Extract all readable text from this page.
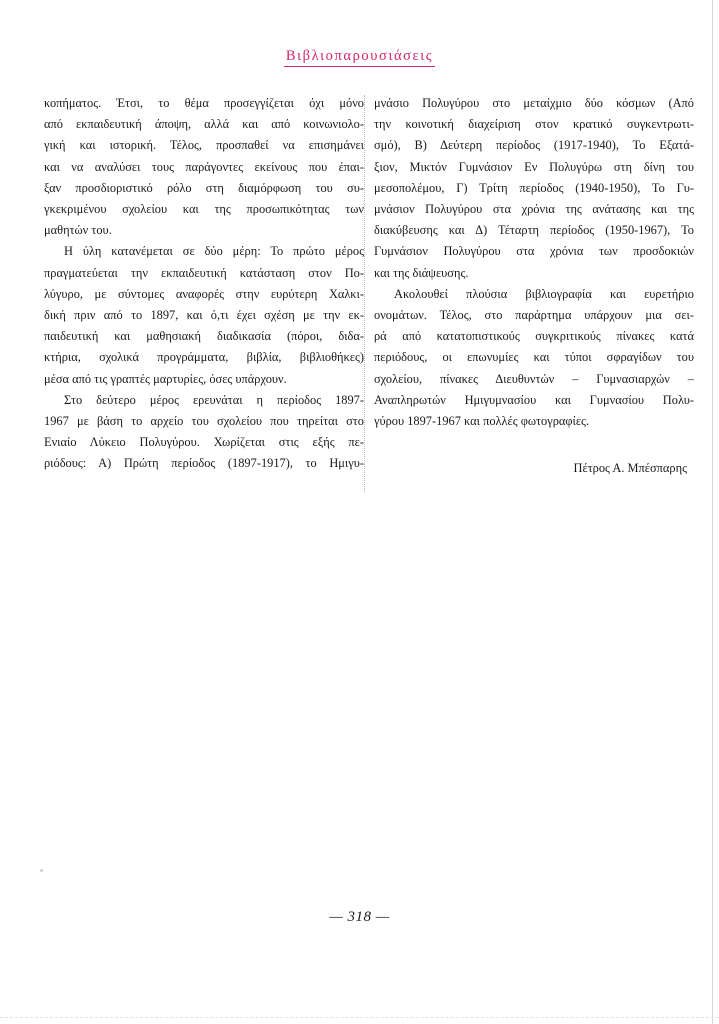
Βιβλιοπαρουσιάσεις
κοπήματος. Έτσι, το θέμα προσεγγίζεται όχι μόνο
από εκπαιδευτική άποψη, αλλά και από κοινωνιολο-
γική και ιστορική. Τέλος, προσπαθεί να επισημάνει
και να αναλύσει τους παράγοντες εκείνους που έπαι-
ξαν προσδιοριστικό ρόλο στη διαμόρφωση του συ-
γκεκριμένου σχολείου και της προσωπικότητας των
μαθητών του.
Η ύλη κατανέμεται σε δύο μέρη: Το πρώτο μέρος
πραγματεύεται την εκπαιδευτική κατάσταση στον Πο-
λύγυρο, με σύντομες αναφορές στην ευρύτερη Χαλκι-
δική πριν από το 1897, και ό,τι έχει σχέση με την εκ-
παιδευτική και μαθησιακή διαδικασία (πόροι, διδα-
κτήρια, σχολικά προγράμματα, βιβλία, βιβλιοθήκες)
μέσα από τις γραπτές μαρτυρίες, όσες υπάρχουν.
Στο δεύτερο μέρος ερευνάται η περίοδος 1897-
1967 με βάση το αρχείο του σχολείου που τηρείται στο
Ενιαίο Λύκειο Πολυγύρου. Χωρίζεται στις εξής πε-
ριόδους: Α) Πρώτη περίοδος (1897-1917), το Ημιγυ-
μνάσιο Πολυγύρου στο μεταίχμιο δύο κόσμων (Από
την κοινοτική διαχείριση στον κρατικό συγκεντρωτι-
σμό), Β) Δεύτερη περίοδος (1917-1940), Το Εξατά-
ξιον, Μικτόν Γυμνάσιον Εν Πολυγύρω στη δίνη του
μεσοπολέμου, Γ) Τρίτη περίοδος (1940-1950), Το Γυ-
μνάσιον Πολυγύρου στα χρόνια της ανάτασης και της
διακύβευσης και Δ) Τέταρτη περίοδος (1950-1967), Το
Γυμνάσιον Πολυγύρου στα χρόνια των προσδοκιών
και της διάψευσης.
Ακολουθεί πλούσια βιβλιογραφία και ευρετήριο
ονομάτων. Τέλος, στο παράρτημα υπάρχουν μια σει-
ρά από κατατοπιστικούς συγκριτικούς πίνακες κατά
περιόδους, οι επωνυμίες και τύποι σφραγίδων του
σχολείου, πίνακες Διευθυντών – Γυμνασιαρχών –
Αναπληρωτών Ημιγυμνασίου και Γυμνασίου Πολυ-
γύρου 1897-1967 και πολλές φωτογραφίες.
Πέτρος Α. Μπέσπαρης
— 318 —
